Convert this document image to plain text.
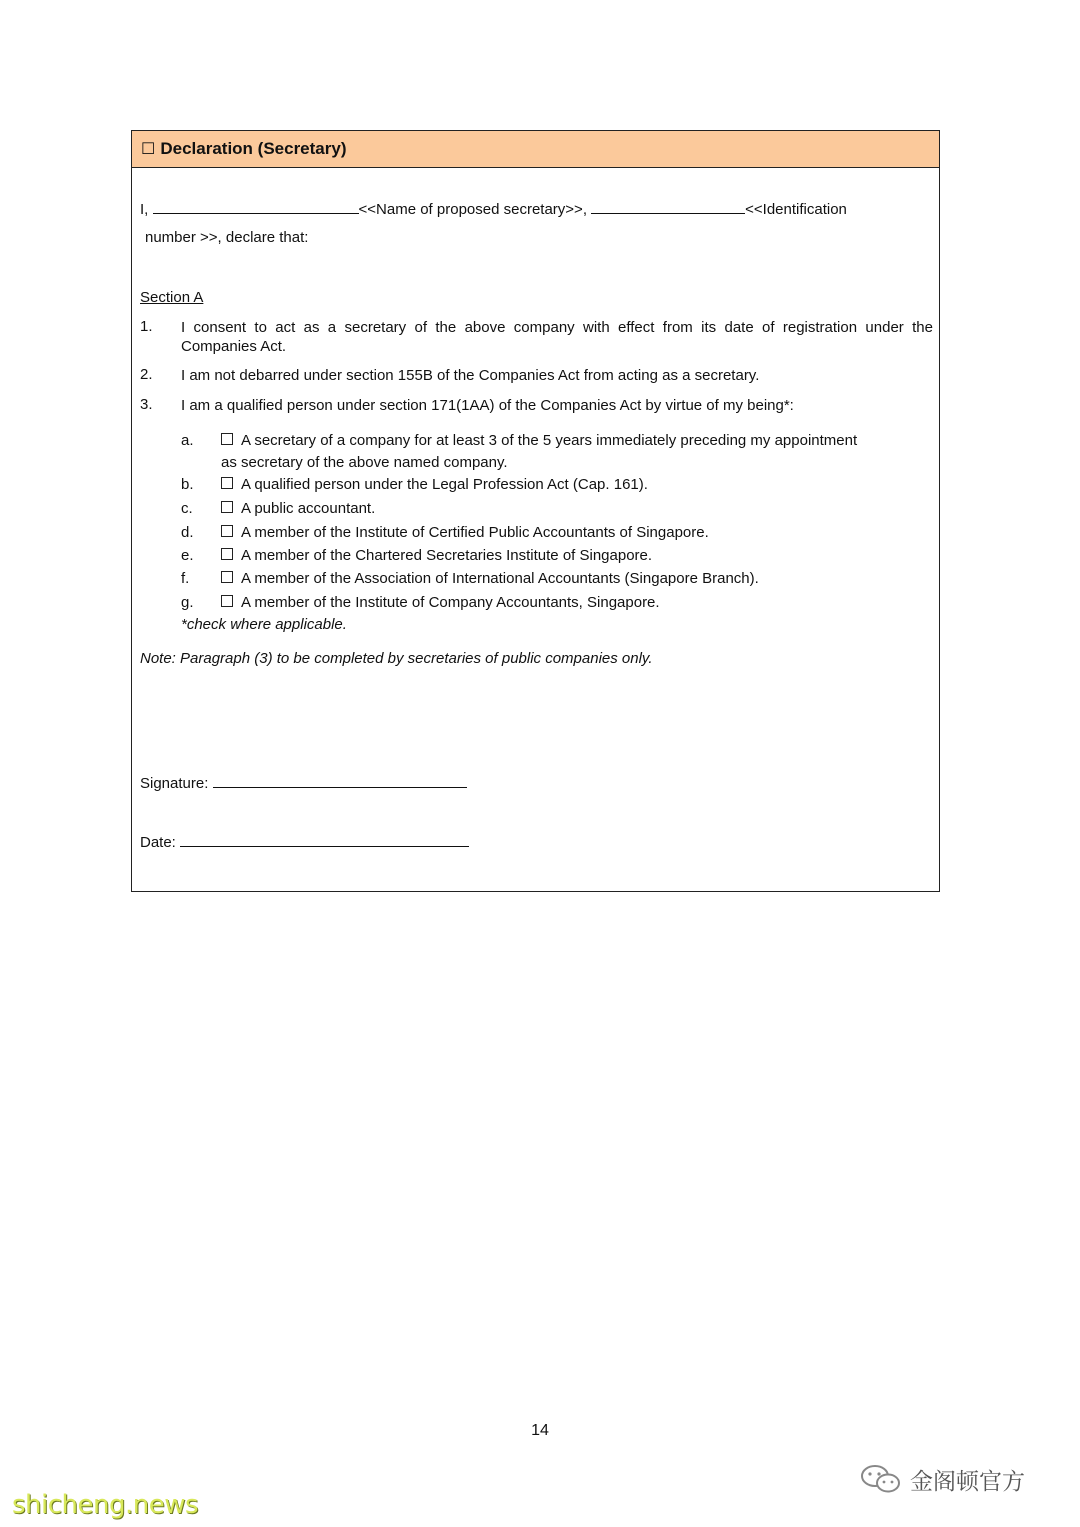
☐ Declaration (Secretary)
I,	<<Name of proposed secretary>>,	<<Identification
number >>, declare that:
Section A
1. I consent to act as a secretary of the above company with effect from its date of registration under the Companies Act.
2. I am not debarred under section 155B of the Companies Act from acting as a secretary.
3. I am a qualified person under section 171(1AA) of the Companies Act by virtue of my being*:
a.	A secretary of a company for at least 3 of the 5 years immediately preceding my appointment
as secretary of the above named company.
b.	A qualified person under the Legal Profession Act (Cap. 161).
c.	A public accountant.
d.	A member of the Institute of Certified Public Accountants of Singapore.
e.	A member of the Chartered Secretaries Institute of Singapore.
f.	A member of the Association of International Accountants (Singapore Branch).
g.	A member of the Institute of Company Accountants, Singapore.
*check where applicable.
Note: Paragraph (3) to be completed by secretaries of public companies only.
Signature:
Date:
14
shicheng.news
金阁顿官方
